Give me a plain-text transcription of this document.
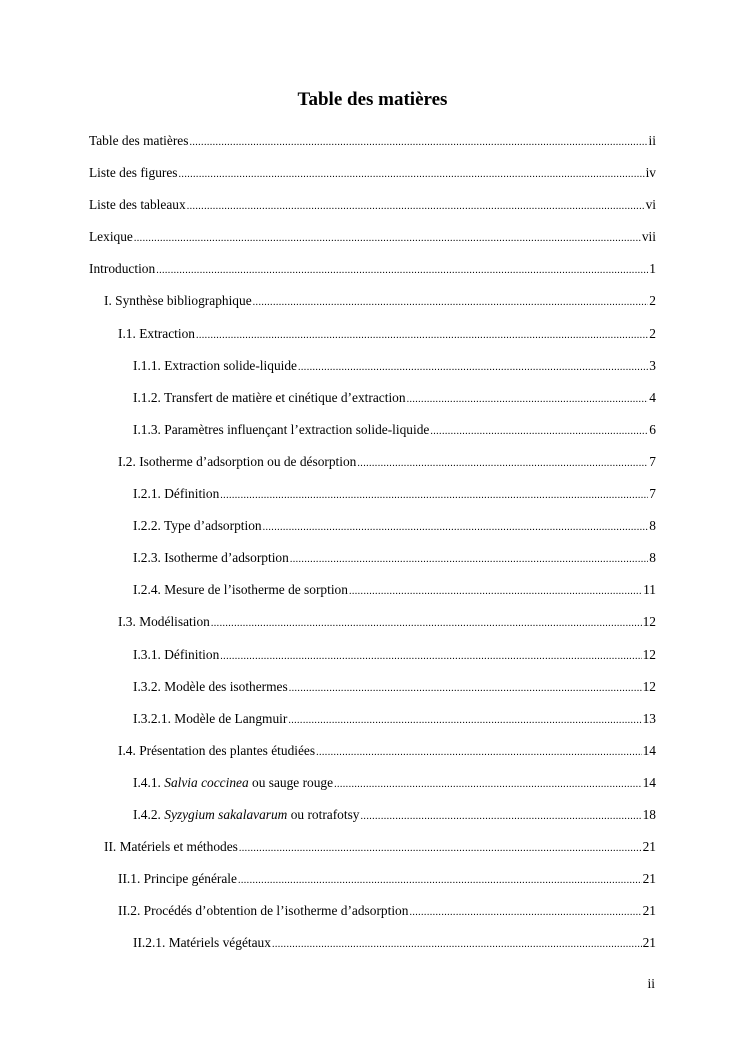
Table des matières
Table des matières .....	ii
Liste des figures .....	iv
Liste des tableaux .....	vi
Lexique .....	vii
Introduction .....	1
I. Synthèse bibliographique .....	2
I.1. Extraction .....	2
I.1.1. Extraction solide-liquide .....	3
I.1.2. Transfert de matière et cinétique d’extraction .....	4
I.1.3. Paramètres influençant l’extraction solide-liquide .....	6
I.2. Isotherme d’adsorption ou de désorption .....	7
I.2.1. Définition .....	7
I.2.2. Type d’adsorption .....	8
I.2.3. Isotherme d’adsorption .....	8
I.2.4. Mesure de l’isotherme de sorption .....	11
I.3. Modélisation .....	12
I.3.1. Définition .....	12
I.3.2. Modèle des isothermes .....	12
I.3.2.1. Modèle de Langmuir .....	13
I.4. Présentation des plantes étudiées .....	14
I.4.1. Salvia coccinea ou sauge rouge .....	14
I.4.2. Syzygium sakalavarum ou rotrafotsy .....	18
II. Matériels et méthodes .....	21
II.1. Principe générale .....	21
II.2. Procédés d’obtention de l’isotherme d’adsorption .....	21
II.2.1. Matériels végétaux .....	21
ii
